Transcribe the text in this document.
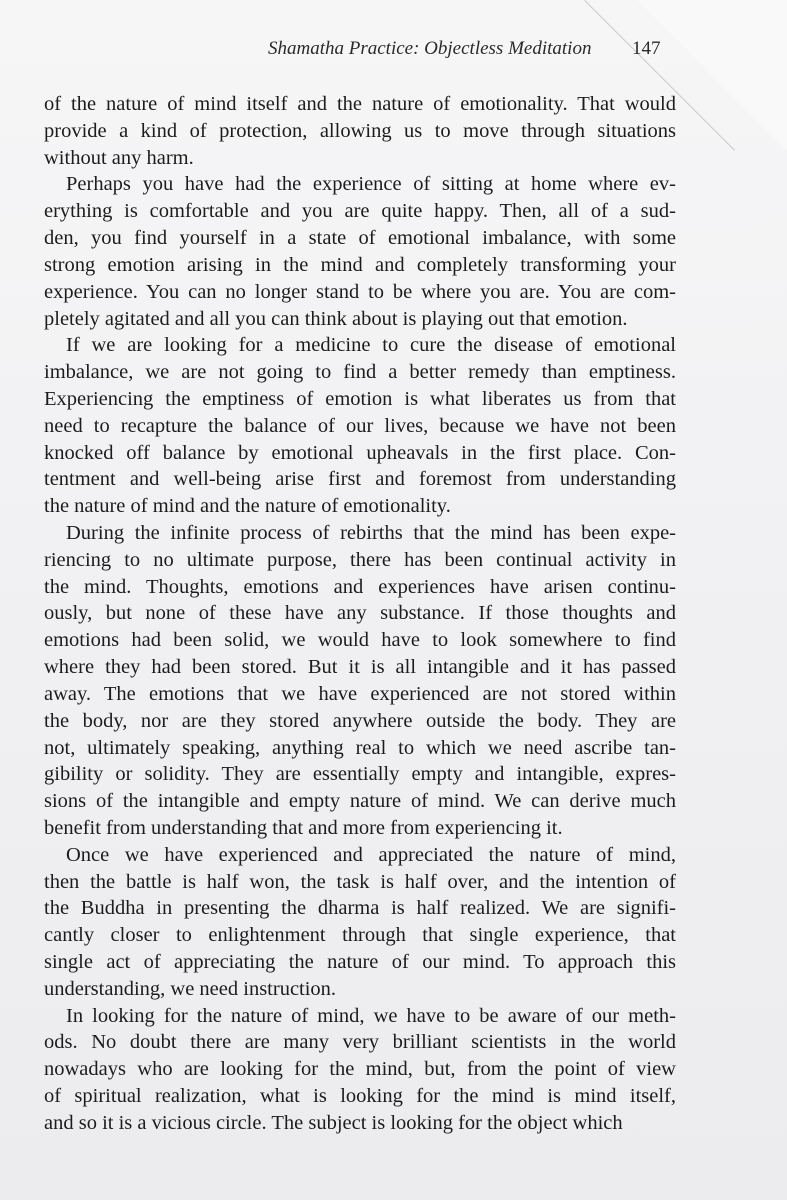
Shamatha Practice: Objectless Meditation 147
of the nature of mind itself and the nature of emotionality. That would
provide a kind of protection, allowing us to move through situations
without any harm.
Perhaps you have had the experience of sitting at home where ev-
erything is comfortable and you are quite happy. Then, all of a sud-
den, you find yourself in a state of emotional imbalance, with some
strong emotion arising in the mind and completely transforming your
experience. You can no longer stand to be where you are. You are com-
pletely agitated and all you can think about is playing out that emotion.
If we are looking for a medicine to cure the disease of emotional
imbalance, we are not going to find a better remedy than emptiness.
Experiencing the emptiness of emotion is what liberates us from that
need to recapture the balance of our lives, because we have not been
knocked off balance by emotional upheavals in the first place. Con-
tentment and well-being arise first and foremost from understanding
the nature of mind and the nature of emotionality.
During the infinite process of rebirths that the mind has been expe-
riencing to no ultimate purpose, there has been continual activity in
the mind. Thoughts, emotions and experiences have arisen continu-
ously, but none of these have any substance. If those thoughts and
emotions had been solid, we would have to look somewhere to find
where they had been stored. But it is all intangible and it has passed
away. The emotions that we have experienced are not stored within
the body, nor are they stored anywhere outside the body. They are
not, ultimately speaking, anything real to which we need ascribe tan-
gibility or solidity. They are essentially empty and intangible, expres-
sions of the intangible and empty nature of mind. We can derive much
benefit from understanding that and more from experiencing it.
Once we have experienced and appreciated the nature of mind,
then the battle is half won, the task is half over, and the intention of
the Buddha in presenting the dharma is half realized. We are signifi-
cantly closer to enlightenment through that single experience, that
single act of appreciating the nature of our mind. To approach this
understanding, we need instruction.
In looking for the nature of mind, we have to be aware of our meth-
ods. No doubt there are many very brilliant scientists in the world
nowadays who are looking for the mind, but, from the point of view
of spiritual realization, what is looking for the mind is mind itself,
and so it is a vicious circle. The subject is looking for the object which
